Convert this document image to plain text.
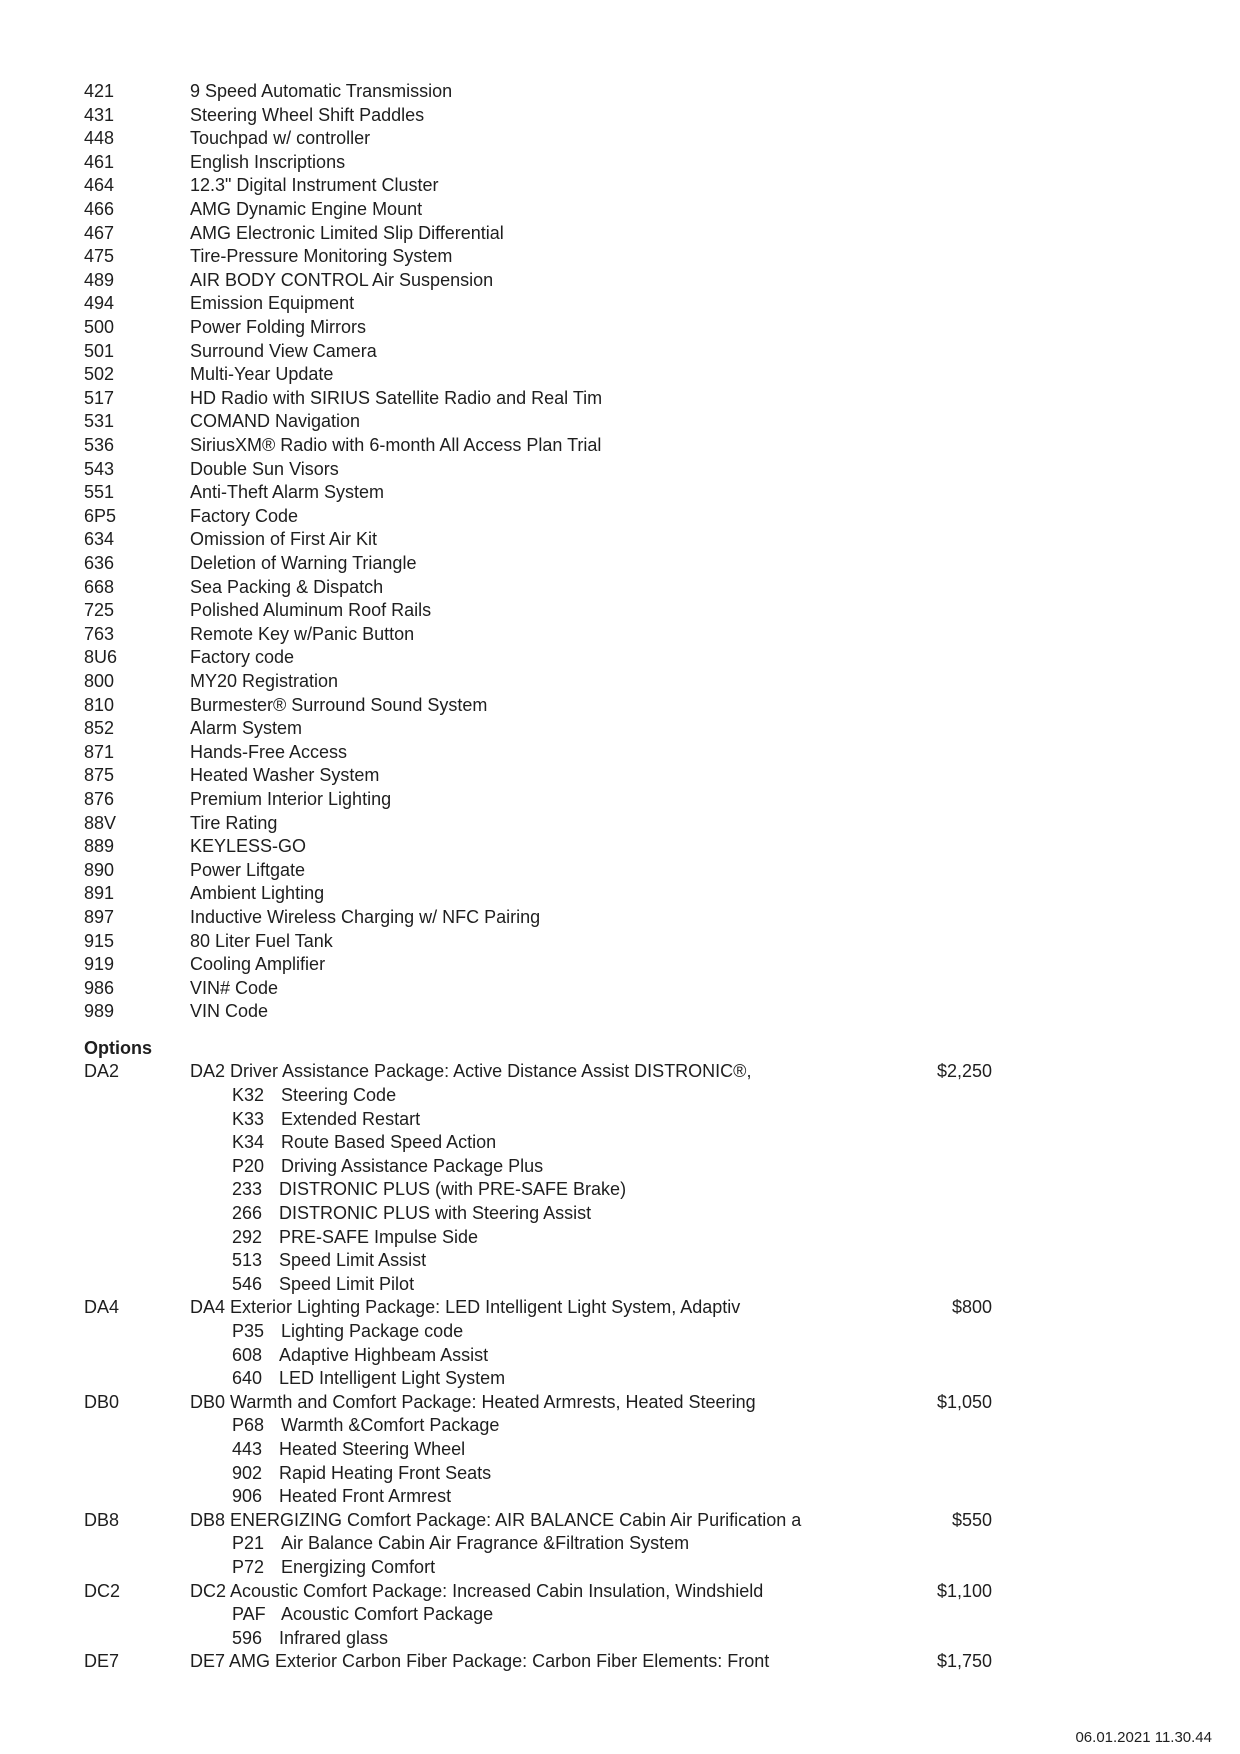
421	9 Speed Automatic Transmission
431	Steering Wheel Shift Paddles
448	Touchpad w/ controller
461	English Inscriptions
464	12.3" Digital Instrument Cluster
466	AMG Dynamic Engine Mount
467	AMG Electronic Limited Slip Differential
475	Tire-Pressure Monitoring System
489	AIR BODY CONTROL Air Suspension
494	Emission Equipment
500	Power Folding Mirrors
501	Surround View Camera
502	Multi-Year Update
517	HD Radio with SIRIUS Satellite Radio and Real Tim
531	COMAND Navigation
536	SiriusXM® Radio with 6-month All Access Plan Trial
543	Double Sun Visors
551	Anti-Theft Alarm System
6P5	Factory Code
634	Omission of First Air Kit
636	Deletion of Warning Triangle
668	Sea Packing & Dispatch
725	Polished Aluminum Roof Rails
763	Remote Key w/Panic Button
8U6	Factory code
800	MY20 Registration
810	Burmester® Surround Sound System
852	Alarm System
871	Hands-Free Access
875	Heated Washer System
876	Premium Interior Lighting
88V	Tire Rating
889	KEYLESS-GO
890	Power Liftgate
891	Ambient Lighting
897	Inductive Wireless Charging w/ NFC Pairing
915	80 Liter Fuel Tank
919	Cooling Amplifier
986	VIN# Code
989	VIN Code
Options
DA2	DA2 Driver Assistance Package: Active Distance Assist DISTRONIC®,	$2,250
K32 Steering Code
K33 Extended Restart
K34 Route Based Speed Action
P20 Driving Assistance Package Plus
233 DISTRONIC PLUS (with PRE-SAFE Brake)
266 DISTRONIC PLUS with Steering Assist
292 PRE-SAFE Impulse Side
513 Speed Limit Assist
546 Speed Limit Pilot
DA4	DA4 Exterior Lighting Package: LED Intelligent Light System, Adaptiv	$800
P35 Lighting Package code
608 Adaptive Highbeam Assist
640 LED Intelligent Light System
DB0	DB0 Warmth and Comfort Package: Heated Armrests, Heated Steering	$1,050
P68 Warmth &Comfort Package
443 Heated Steering Wheel
902 Rapid Heating Front Seats
906 Heated Front Armrest
DB8	DB8 ENERGIZING Comfort Package: AIR BALANCE Cabin Air Purification a	$550
P21 Air Balance Cabin Air Fragrance &Filtration System
P72 Energizing Comfort
DC2	DC2 Acoustic Comfort Package: Increased Cabin Insulation, Windshield	$1,100
PAF Acoustic Comfort Package
596 Infrared glass
DE7	DE7 AMG Exterior Carbon Fiber Package: Carbon Fiber Elements: Front	$1,750
06.01.2021 11.30.44
